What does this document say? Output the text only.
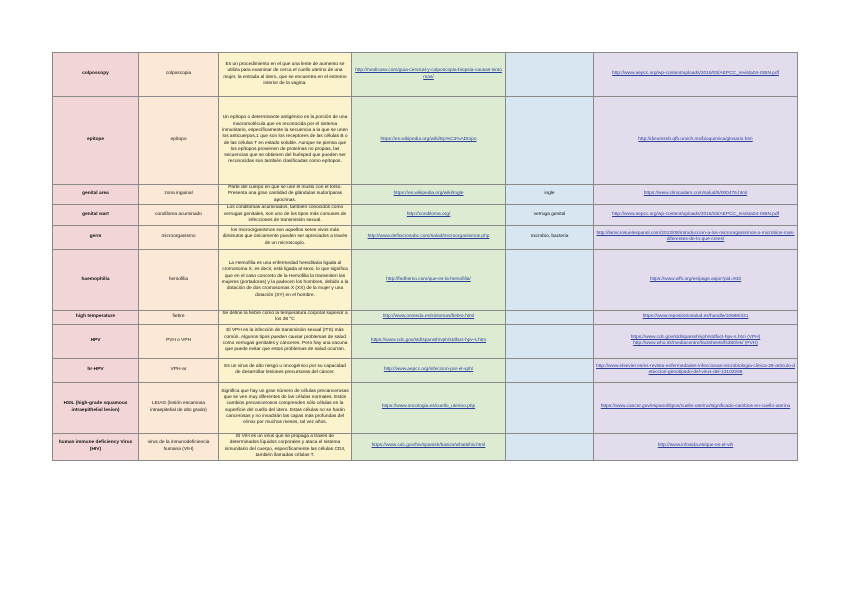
colposcopy	colposcopia	Es un procedimiento en el que una lente de aumento se utiliza para examinar de cerca el cuello uterino de una mujer, la entrada al útero, que se encuentra en el extremo interior de la vagina.	http://medicasv.com/guia-cervical-y-colposcopia-biopsia-causas-sintomas/		http://www.aepcc.org/wp-content/uploads/2016/03/AEPCC_revista04-ISBN.pdf

epitope	epítopo	Un epítopo o determinante antigénico es la porción de una macromolécula que es reconocida por el sistema inmunitario, específicamente la secuencia a la que se unen los anticuerpos,1 que son los receptores de las células B o de las células T en estado soluble. Aunque se piensa que los epítopos provienen de proteínas no propias, las secuencias que se obtienen del huésped que pueden ser reconocidas son también clasificadas como epítopos.	https://es.wikipedia.org/wiki/Ep%C3%ADtopo		http://dieumsnh.qfb.umich.mx/bioquimica/glosario.htm

genital area	zona inguinal	Parte del cuerpo en que se une el muslo con el torso. Presenta una gran cantidad de glándulas sudoríparas apocrinas.	https://es.wikipedia.org/wiki/Ingle	ingle	https://www.clinicadam.com/salud/5/000476.html

genital wart	condiloma acuminado	Los condilomas acuminados, también conocidos como verrugas genitales, son uno de los tipos más comunes de infecciones de transmisión sexual.	http://condiloma.org/	verruga genital	http://www.aepcc.org/wp-content/uploads/2016/03/AEPCC_revista04-ISBN.pdf

germ	microorganismo	los microorganismos son aquellos seres vivos más diminutos que únicamente pueden ser apreciados a través de un microscopio.	http://www.definicionabc.com/salud/microorganismos.php	microbio, bacteria	http://lamicrosuelespanol.com/2013/08/introduccion-a-los-microorganismos-o-microbios-mas-diferentes-de-lo-que-crees/

haemophilia	hemofilia	La Hemofilia es una enfermedad hereditaria ligada al cromosoma X, es decir, está ligada al sexo, lo que significa que en el caso concreto de la Hemofilia la transmiten las mujeres (portadoras) y la padecen los hombres, debido a la dotación de dos cromosomas X (XX) de la mujer y una dotación (XY) en el hombre.	http://fedhemo.com/que-es-la-hemofilia/		https://www.wfh.org/es/page.aspx?pid=932

high temperature	fiebre	Se define la fiebre como la temperatura corporal superior a los 38 °C	http://www.onmeda.es/sintomas/fiebre.html		https://www.repositoriosalud.es/handle/10668/421

HPV	PVH o VPH	El VPH es la infección de transmisión sexual (ITS) más común. Algunos tipos pueden causar problemas de salud como verrugas genitales y cánceres. Pero hay una vacuna que puede evitar que estos problemas de salud ocurran.	https://www.cdc.gov/std/spanish/vph/stdfact-hpv-s.htm		https://www.cdc.gov/std/spanish/vph/stdfact-hpv-s.htm (VPH)
http://www.who.int/mediacentre/factsheets/fs380/es/ (PVH)

hr-HPV	VPH-ar	Es un virus de alto riesgo u oncogénico por su capacidad de desarrollar lesiones precursoras del cáncer.	http://www.aepcc.org/infeccion-por-el-vph/		http://www.elsevier.es/es-revista-enfermedades-infecciosas-microbiologia-clinica-28-articulo-deteccion-genotipado-del-virus-del-13102266

HSIL (high-grade squamous intraepithelial lesion)	LEIAG (lesión escamosa intraepitelial de alto grado)	Significa que hay un gran número de células precancerosas que se ven muy diferentes de las células normales. Estos cambios precancerosos comprenden sólo células en la superficie del cuello del útero. Estas células no se harán cancerosas y no invadirán las capas más profundas del cérvix por muchos meses, tal vez años.	https://www.oncologia.es/cuello_uterino.php		https://www.cancer.gov/espanol/tipos/cuello-uterino/significado-cambios-en-cuello-uterino

human immune deficiency Virus (HIV)	virus de la inmunodeficiencia humana (VIH)	El VIH es un virus que se propaga a través de determinados líquidos corporales y ataca el sistema inmunitario del cuerpo, específicamente las células CD4, también llamadas células T.	https://www.cdc.gov/hiv/spanish/basics/whatishiv.html		http://www.infosida.es/que-es-el-vih
